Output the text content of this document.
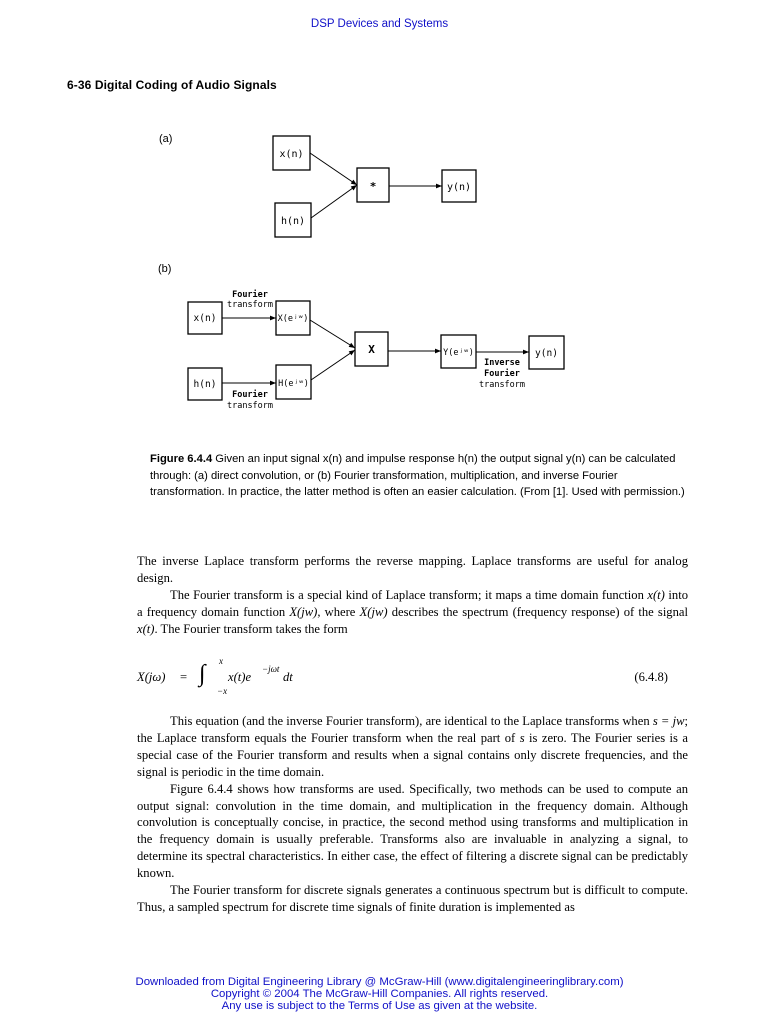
DSP Devices and Systems
6-36 Digital Coding of Audio Signals
(a)
(b)
x(n)
h(n)
*	y(n)
x(n)	X(eʲʷ)
h(n)	H(eʲʷ)
X	Y(eʲʷ)	y(n)
Fourier
transform
Fourier
transform
Inverse
Fourier
transform
Figure 6.4.4 Given an input signal x(n) and impulse response h(n) the output signal y(n) can be calculated through: (a) direct convolution, or (b) Fourier transformation, multiplication, and inverse Fourier transformation. In practice, the latter method is often an easier calculation. (From [1]. Used with permission.)

The inverse Laplace transform performs the reverse mapping. Laplace transforms are useful for analog design.

The Fourier transform is a special kind of Laplace transform; it maps a time domain function x(t) into a frequency domain function X(jw), where X(jw) describes the spectrum (frequency response) of the signal x(t). The Fourier transform takes the form

X(jω) = ∫ x
−x
x(t)e
−jωt
dt	(6.4.8)

This equation (and the inverse Fourier transform), are identical to the Laplace transforms when s = jw; the Laplace transform equals the Fourier transform when the real part of s is zero. The Fourier series is a special case of the Fourier transform and results when a signal contains only discrete frequencies, and the signal is periodic in the time domain.

Figure 6.4.4 shows how transforms are used. Specifically, two methods can be used to compute an output signal: convolution in the time domain, and multiplication in the frequency domain. Although convolution is conceptually concise, in practice, the second method using transforms and multiplication in the frequency domain is usually preferable. Transforms also are invaluable in analyzing a signal, to determine its spectral characteristics. In either case, the effect of filtering a discrete signal can be predictably known.

The Fourier transform for discrete signals generates a continuous spectrum but is difficult to compute. Thus, a sampled spectrum for discrete time signals of finite duration is implemented as

Downloaded from Digital Engineering Library @ McGraw-Hill (www.digitalengineeringlibrary.com)
Copyright © 2004 The McGraw-Hill Companies. All rights reserved.
Any use is subject to the Terms of Use as given at the website.
